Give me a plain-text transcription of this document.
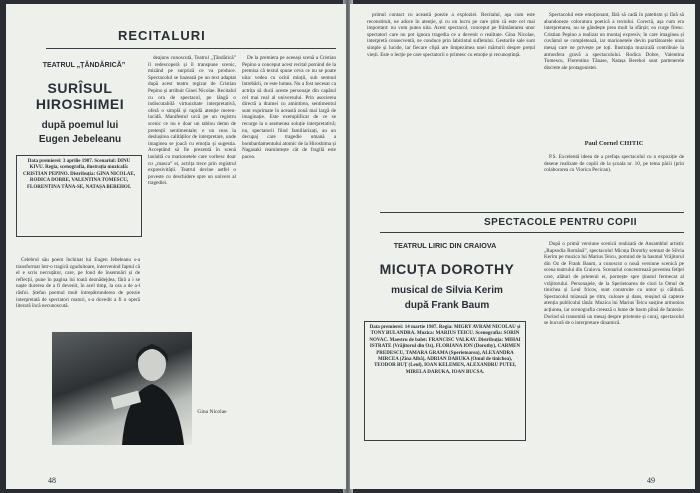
RECITALURI
TEATRUL „ȚĂNDĂRICĂ”
SURÎSUL HIROSHIMEI
după poemul lui
Eugen Jebeleanu
Data premierei: 3 aprilie 1987. Scenariul: DINU KIVU. Regia, scenografia, ilustrația muzicală: CRISTIAN PEPINO. Distribuția: GINA NICOLAE, RODICA DOBRE, VALENTINA TOMESCU, FLORENTINA TĂNA-SE, NATAȘA BEREHOI.

Celebrul său poem închinat lui Eugen Jebeleanu s-a transformat într-o tragică zguduitoare, intervenind faptul că el e scris necruțător, care, pe fond de însemnări și de reflecții, pune în pagina lui toată deznădejdea, fără a i se naște durerea de a fi devenit, în acel timp, la ora a de a-l răsfoi. Ștefan poemul mult întrepătrunderea de poezie interpretată de spectatori maturi, s-a dovedit a fi o operă literară încă necunoscută.

deajuns cunoscută, Teatrul „Țăndărică” îl redescoperă și îl transpune scenic, mizând pe surpriză ce va produce. Spectacolul se bazează pe un text adaptat după acest teatru regizat de Cristian Pepino și atribuit Ginei Nicolae. Recitalul cu ora de spectacol, pe lângă o indiscutabilă virtuozitate interpretativă, oferă o simplă și rapidă atenție mereu-lucidă. Manifestul urcă pe un registru scenic ce nu e doar un tablou demn de pretenții sentimentale; e un ceas la deslușirea calităților de interpretare, unde imaginea se joacă cu emoția și sugestia. Acceptând să fie prezentă în scenă laolaltă cu marionetele care vorbesc doar cu „masca” ei, actrița trece prin registrul expresivității. Teatrul devine astfel o poveste cu deschidere spre un univers al tragediei.

De la premiera pe aceeași scenă a Cristian Pepino a conceput acest recital pornind de la premisa că textul spune ceva ce nu se poate uita: vedea cu ochii minții, sub semnul întrebării, ce este lumea. Nu a fost necesar ca actrița să ducă aceste personaje din capătul cel mai real al universului. Prin asocierea directă a dramei cu amintirea, sentimentul sunt exprimate în această zonă mai largă de imaginație. Este exemplificat de ce se recurge la o asemenea soluție interpretativă; nu, spectatorii fiind familiarizați, au un decupaj care tragedie umană a bombardamentului atomic de la Hiroshima și Nagasaki reamintește cât de fragilă este pacea.

Gina Nicolae
48

primul contact cu această poezie a exploziei. Recitalul, aşa cum este reconstituit, ne aduce în atenție, și cu un lucru pe care știm că este cel mai important: nu vom putea uita. Acest spectacol, conceput pe frământarea unor spectatori care nu pot ignora tragedia ce a devenit o realitate. Gina Nicolae, interpretă consecventă, ne conduce prin labirintul sufletului. Gesturile sale sunt simple și lucide, iar fiecare clipă are limpezimea unei mărturii despre prețul vieții. Este o lecție pe care spectatorii o primesc cu emoție și recunoștință.

Spectacolul este emoționant, fără să cadă în patetism și fără să abandoneze coloratura poetică a textului. Corectă, așa cum era interpretarea, nu se gândește prea mult la sfârșit; ea curge firesc. Cristian Pepino a realizat un montaj expresiv, în care imaginea și cuvântul se completează, iar marionetele devin purtătoarele unui mesaj care ne privește pe toți. Ilustrația muzicală contribuie la atmosfera gravă a spectacolului. Rodica Dobre, Valentina Tomescu, Florentina Tănase, Natașa Berehoi sunt partenerele discrete ale protagonistei.

Paul Cornel CHITIC

P.S. Excelentă ideea de a prefața spectacolul cu o expoziție de desene realizate de copiii de la școala nr. 10, pe tema păcii (prin colaborarea cu Viorica Pecican).

SPECTACOLE PENTRU COPII
TEATRUL LIRIC DIN CRAIOVA
MICUȚA DOROTHY
musical de Silvia Kerim
după Frank Baum
Data premierei: 14 martie 1987. Regia: MIGRY AVRAM NICOLAU și TONY BULANDRA. Muzica: MARIUS TEICU. Scenografia: SORIN NOVAC. Maestru de balet: FRANCISC VALKAY. Distribuția: MIHAI ISTRATE (Vrăjitorul din Oz), FLORIANA ION (Dorothy), CARMEN PREDESCU, TAMARA GRAMA (Sperietoarea), ALEXANDRA MIRCEA (Zîna Albă), ADRIAN DARUKA (Omul de tinichea), TEODOR BUȚ (Leul), IOAN KELEMEN, ALEXANDRU PUTEI, MIRELA DARUKA, IOAN BUCSA.

După o primă versiune scenică realizată de Ansamblul artistic „Rapsodia Română”, spectacolul Micuța Dorothy semnat de Silvia Kerim pe muzica lui Marius Teicu, pornind de la basmul Vrăjitorul din Oz de Frank Baum, a cunoscut o nouă versiune scenică pe scena teatrului din Craiova. Scenariul concentrează povestea fetiței care, alături de prietenii ei, pornește spre ținutul fermecat al vrăjitorului. Personajele, de la Sperietoarea de ciori la Omul de tinichea și Leul fricos, sunt construite cu umor și căldură. Spectacolul mizează pe ritm, culoare și dans, reușind să capteze atenția publicului tânăr. Muzica lui Marius Teicu susține armonios acțiunea, iar scenografia creează o lume de basm plină de fantezie. Dorind să transmită un mesaj despre prietenie și curaj, spectacolul se bucură de o interpretare dinamică.

49
